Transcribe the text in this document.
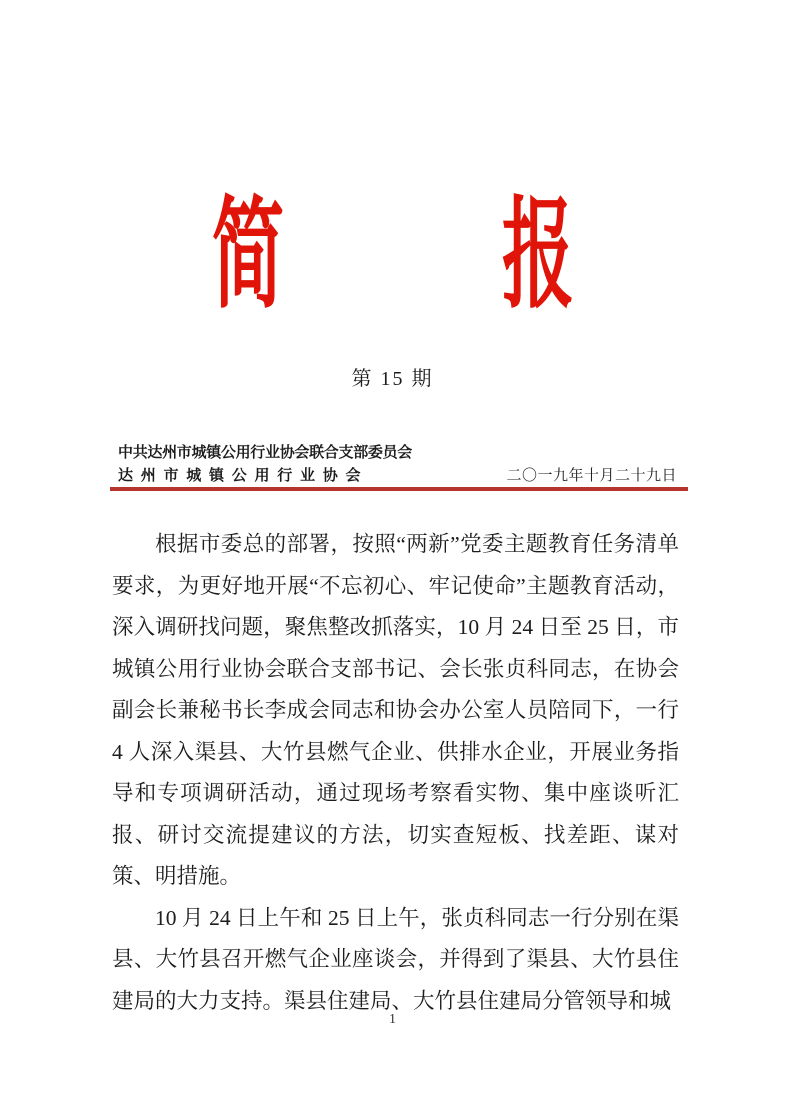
简 报
第 15 期
中共达州市城镇公用行业协会联合支部委员会
达 州 市 城 镇 公 用 行 业 协 会	二〇一九年十月二十九日

根据市委总的部署，按照“两新”党委主题教育任务清单要求，为更好地开展“不忘初心、牢记使命”主题教育活动，深入调研找问题，聚焦整改抓落实，10 月 24 日至 25 日，市城镇公用行业协会联合支部书记、会长张贞科同志，在协会副会长兼秘书长李成会同志和协会办公室人员陪同下，一行 4 人深入渠县、大竹县燃气企业、供排水企业，开展业务指导和专项调研活动，通过现场考察看实物、集中座谈听汇报、研讨交流提建议的方法，切实查短板、找差距、谋对策、明措施。

10 月 24 日上午和 25 日上午，张贞科同志一行分别在渠县、大竹县召开燃气企业座谈会，并得到了渠县、大竹县住建局的大力支持。渠县住建局、大竹县住建局分管领导和城

1
